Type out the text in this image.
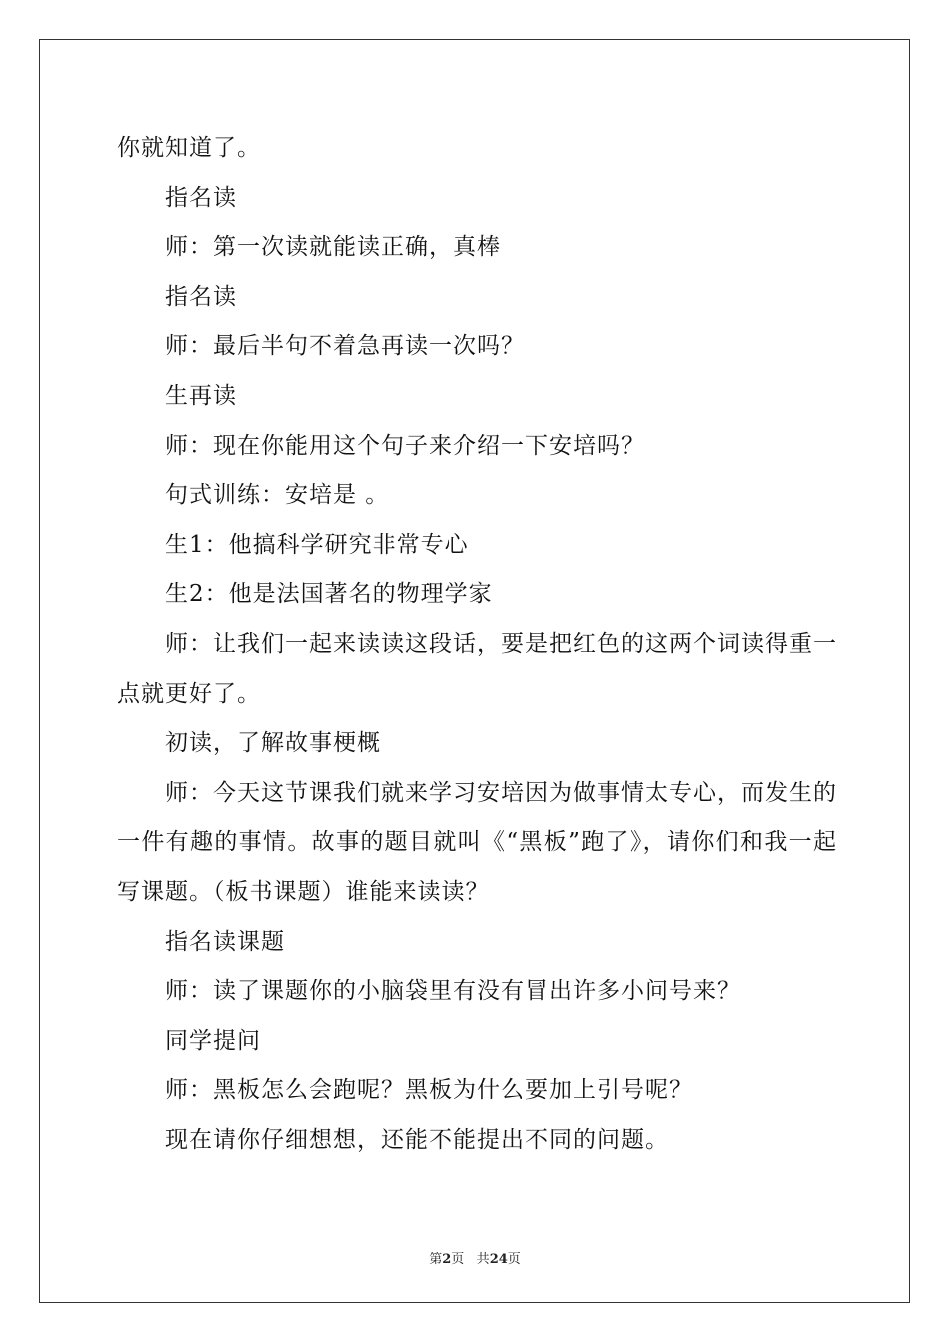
你就知道了。

指名读

师：第一次读就能读正确，真棒

指名读

师：最后半句不着急再读一次吗？

生再读

师：现在你能用这个句子来介绍一下安培吗？

句式训练：安培是 。

生1：他搞科学研究非常专心

生2：他是法国著名的物理学家

师：让我们一起来读读这段话，要是把红色的这两个词读得重一点就更好了。

初读，了解故事梗概

师：今天这节课我们就来学习安培因为做事情太专心，而发生的一件有趣的事情。故事的题目就叫《“黑板”跑了》，请你们和我一起写课题。（板书课题）谁能来读读？

指名读课题

师：读了课题你的小脑袋里有没有冒出许多小问号来？

同学提问

师：黑板怎么会跑呢？黑板为什么要加上引号呢？

现在请你仔细想想，还能不能提出不同的问题。

第2页 共24页
